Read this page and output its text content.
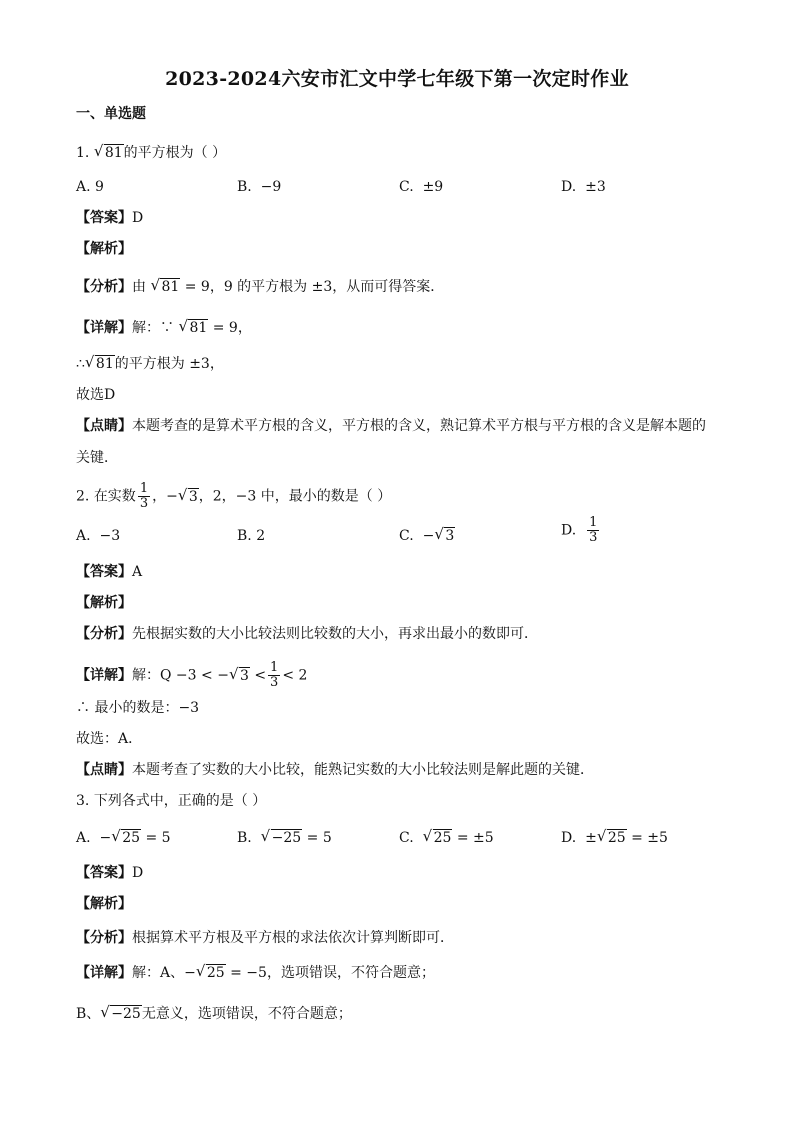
2023-2024六安市汇文中学七年级下第一次定时作业
一、单选题
1. √ 81的平方根为（ ）
A. 9	B. −9	C. ±9	D. ±3
【答案】D
【解析】
【分析】由 √ 81 = 9，9 的平方根为 ±3，从而可得答案．
【详解】解：∵ √ 81 = 9，
∴ √ 81的平方根为 ±3，
故选D
【点睛】本题考查的是算术平方根的含义，平方根的含义，熟记算术平方根与平方根的含义是解本题的
关键．
2. 在实数 $\frac{1}{3}$ ，− √ 3，2，−3 中，最小的数是（ ）
A. −3	B. 2	C. − √ 3	D. $\frac{1}{3}$
【答案】A
【解析】
【分析】先根据实数的大小比较法则比较数的大小，再求出最小的数即可．
【详解】解：Q −3 < − √ $3 < \frac{1}{3} < 2$
∴ 最小的数是：−3
故选：A．
【点睛】本题考查了实数的大小比较，能熟记实数的大小比较法则是解此题的关键．
3. 下列各式中，正确的是（ ）
A. − √ 25 = 5	B. √ −25 = 5	C. √ 25 = ±5	D. ± √ 25 = ±5
【答案】D
【解析】
【分析】根据算术平方根及平方根的求法依次计算判断即可．
【详解】解：A、− √ 25 = −5，选项错误，不符合题意；
B、 √ −25无意义，选项错误，不符合题意；
